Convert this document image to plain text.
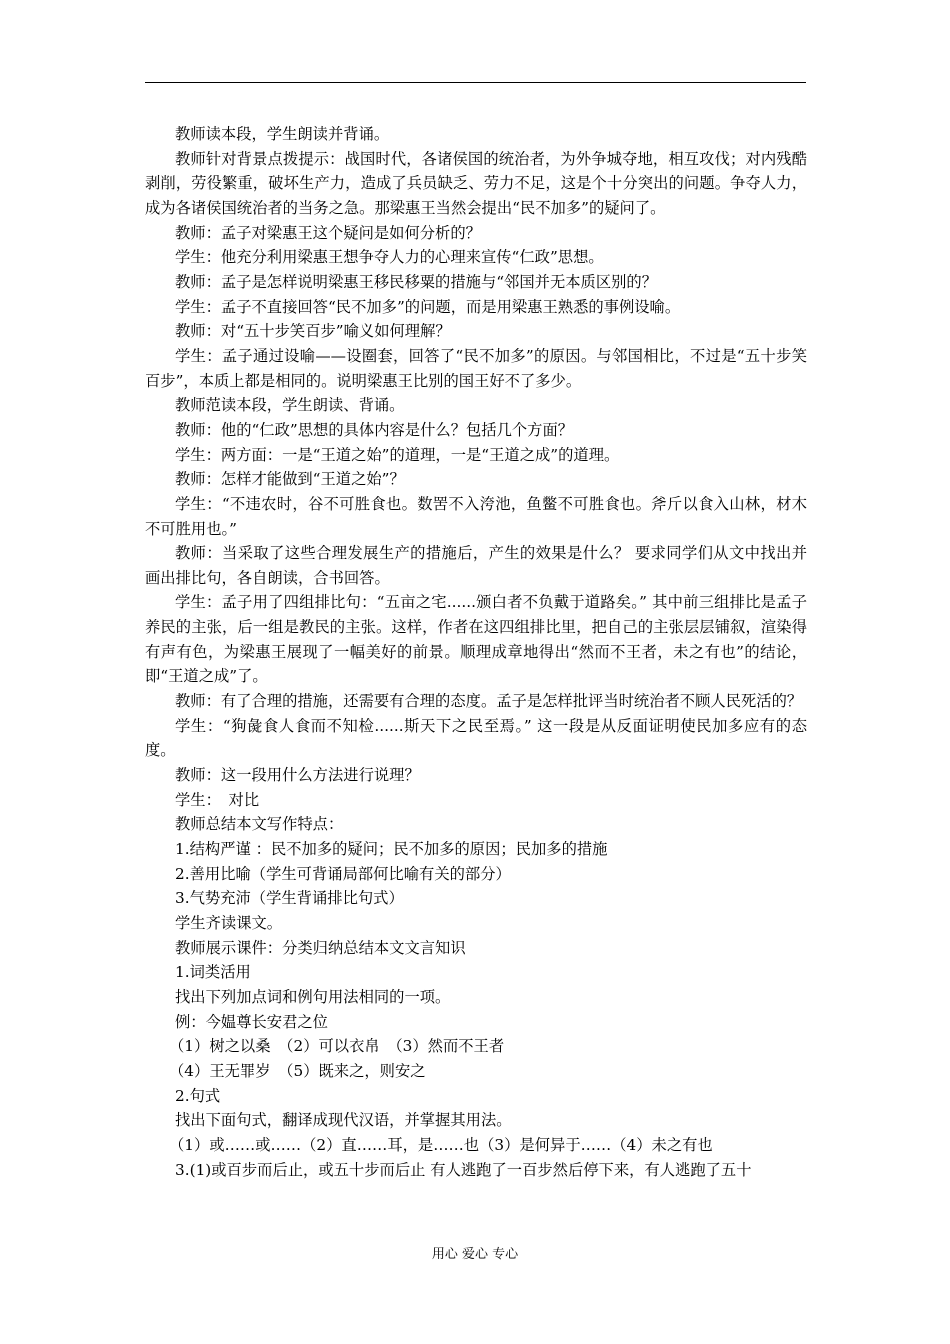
教师读本段，学生朗读并背诵。

教师针对背景点拨提示：战国时代，各诸侯国的统治者，为外争城夺地，相互攻伐；对内残酷剥削，劳役繁重，破坏生产力，造成了兵员缺乏、劳力不足，这是个十分突出的问题。争夺人力，成为各诸侯国统治者的当务之急。那梁惠王当然会提出“民不加多”的疑问了。

教师：孟子对梁惠王这个疑问是如何分析的？

学生：他充分利用梁惠王想争夺人力的心理来宣传“仁政”思想。

教师：孟子是怎样说明梁惠王移民移粟的措施与“邻国并无本质区别的？

学生：孟子不直接回答“民不加多”的问题，而是用梁惠王熟悉的事例设喻。

教师：对“五十步笑百步”喻义如何理解？

学生：孟子通过设喻——设圈套，回答了“民不加多”的原因。与邻国相比，不过是“五十步笑百步”，本质上都是相同的。说明梁惠王比别的国王好不了多少。

教师范读本段，学生朗读、背诵。

教师：他的“仁政”思想的具体内容是什么？包括几个方面？

学生：两方面：一是“王道之始”的道理，一是“王道之成”的道理。

教师：怎样才能做到“王道之始”？

学生：“不违农时，谷不可胜食也。数罟不入洿池，鱼鳖不可胜食也。斧斤以食入山林，材木不可胜用也。”

教师：当采取了这些合理发展生产的措施后，产生的效果是什么？ 要求同学们从文中找出并画出排比句，各自朗读，合书回答。

学生：孟子用了四组排比句：“五亩之宅......颁白者不负戴于道路矣。” 其中前三组排比是孟子养民的主张，后一组是教民的主张。这样，作者在这四组排比里，把自己的主张层层铺叙，渲染得有声有色，为梁惠王展现了一幅美好的前景。顺理成章地得出“然而不王者，未之有也”的结论，即“王道之成”了。

教师：有了合理的措施，还需要有合理的态度。孟子是怎样批评当时统治者不顾人民死活的？

学生：“狗彘食人食而不知检......斯天下之民至焉。” 这一段是从反面证明使民加多应有的态度。

教师：这一段用什么方法进行说理？

学生：　对比

教师总结本文写作特点：

1.结构严谨 ：民不加多的疑问；民不加多的原因；民加多的措施

2.善用比喻（学生可背诵局部何比喻有关的部分）

3.气势充沛（学生背诵排比句式）

学生齐读课文。

教师展示课件：分类归纳总结本文文言知识

1.词类活用

找出下列加点词和例句用法相同的一项。

例：今媪尊长安君之位

（1）树之以桑　（2）可以衣帛　（3）然而不王者

（4）王无罪岁　（5）既来之，则安之

2.句式

找出下面句式，翻译成现代汉语，并掌握其用法。

（1）或……或……（2）直……耳，是……也（3）是何异于……（4）未之有也

3.(1)或百步而后止，或五十步而后止 有人逃跑了一百步然后停下来，有人逃跑了五十

用心 爱心 专心
